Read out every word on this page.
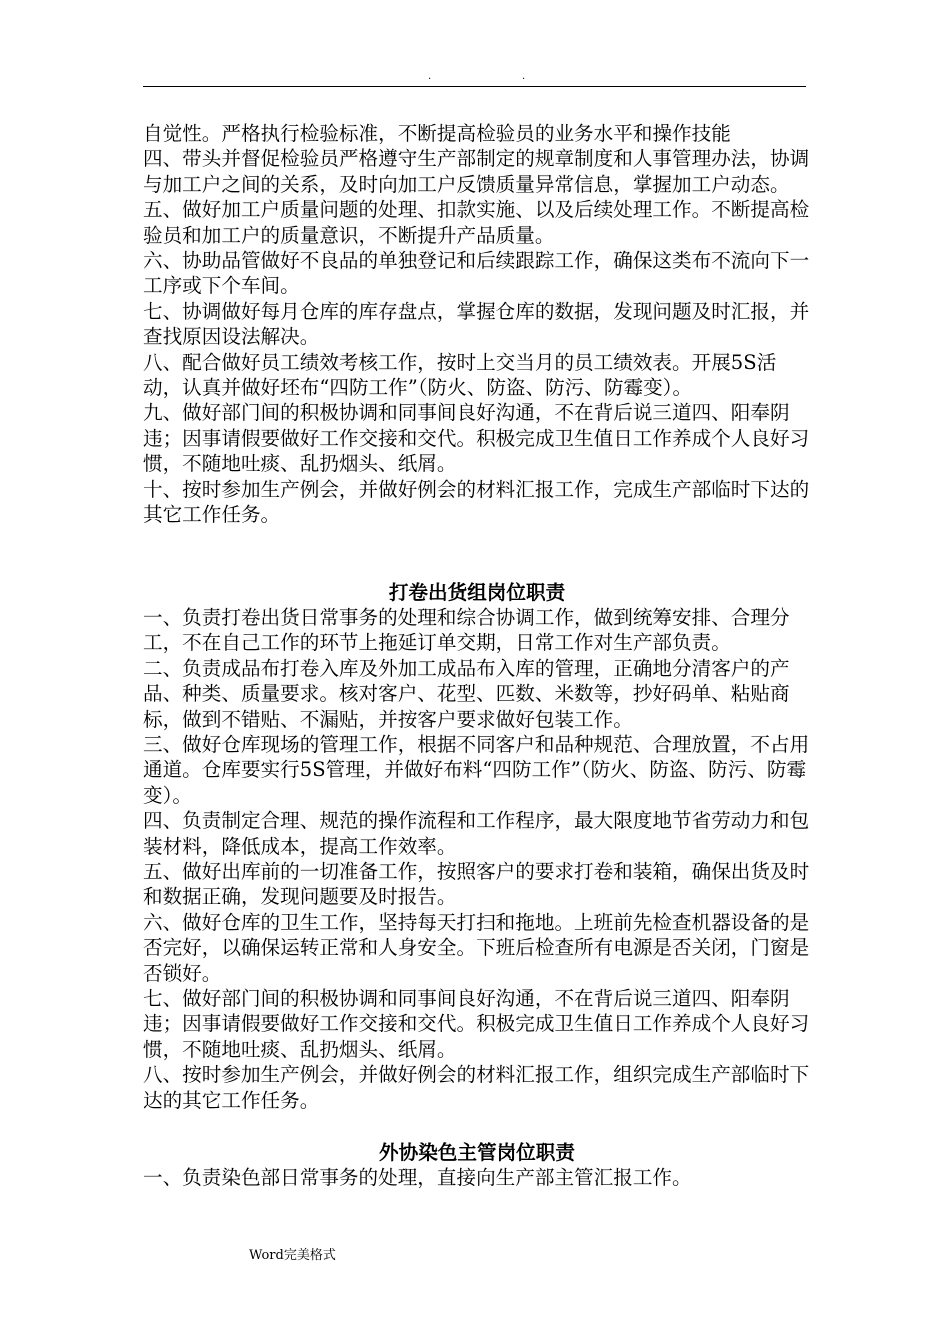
.	.

自觉性。严格执行检验标准，不断提高检验员的业务水平和操作技能

四、带头并督促检验员严格遵守生产部制定的规章制度和人事管理办法，协调与加工户之间的关系，及时向加工户反馈质量异常信息，掌握加工户动态。

五、做好加工户质量问题的处理、扣款实施、以及后续处理工作。不断提高检验员和加工户的质量意识，不断提升产品质量。

六、协助品管做好不良品的单独登记和后续跟踪工作，确保这类布不流向下一工序或下个车间。

七、协调做好每月仓库的库存盘点，掌握仓库的数据，发现问题及时汇报，并查找原因设法解决。

八、配合做好员工绩效考核工作，按时上交当月的员工绩效表。开展5S活动，认真并做好坯布“四防工作”（防火、防盗、防污、防霉变）。

九、做好部门间的积极协调和同事间良好沟通，不在背后说三道四、阳奉阴违；因事请假要做好工作交接和交代。积极完成卫生值日工作养成个人良好习惯，不随地吐痰、乱扔烟头、纸屑。

十、按时参加生产例会，并做好例会的材料汇报工作，完成生产部临时下达的其它工作任务。

打卷出货组岗位职责

一、负责打卷出货日常事务的处理和综合协调工作，做到统筹安排、合理分工，不在自己工作的环节上拖延订单交期，日常工作对生产部负责。

二、负责成品布打卷入库及外加工成品布入库的管理，正确地分清客户的产品、种类、质量要求。核对客户、花型、匹数、米数等，抄好码单、粘贴商标，做到不错贴、不漏贴，并按客户要求做好包装工作。

三、做好仓库现场的管理工作，根据不同客户和品种规范、合理放置，不占用通道。仓库要实行5S管理，并做好布料“四防工作”（防火、防盗、防污、防霉变）。

四、负责制定合理、规范的操作流程和工作程序，最大限度地节省劳动力和包装材料，降低成本，提高工作效率。

五、做好出库前的一切准备工作，按照客户的要求打卷和装箱，确保出货及时和数据正确，发现问题要及时报告。

六、做好仓库的卫生工作，坚持每天打扫和拖地。上班前先检查机器设备的是否完好，以确保运转正常和人身安全。下班后检查所有电源是否关闭，门窗是否锁好。

七、做好部门间的积极协调和同事间良好沟通，不在背后说三道四、阳奉阴违；因事请假要做好工作交接和交代。积极完成卫生值日工作养成个人良好习惯，不随地吐痰、乱扔烟头、纸屑。

八、按时参加生产例会，并做好例会的材料汇报工作，组织完成生产部临时下达的其它工作任务。

外协染色主管岗位职责

一、负责染色部日常事务的处理，直接向生产部主管汇报工作。

Word完美格式
